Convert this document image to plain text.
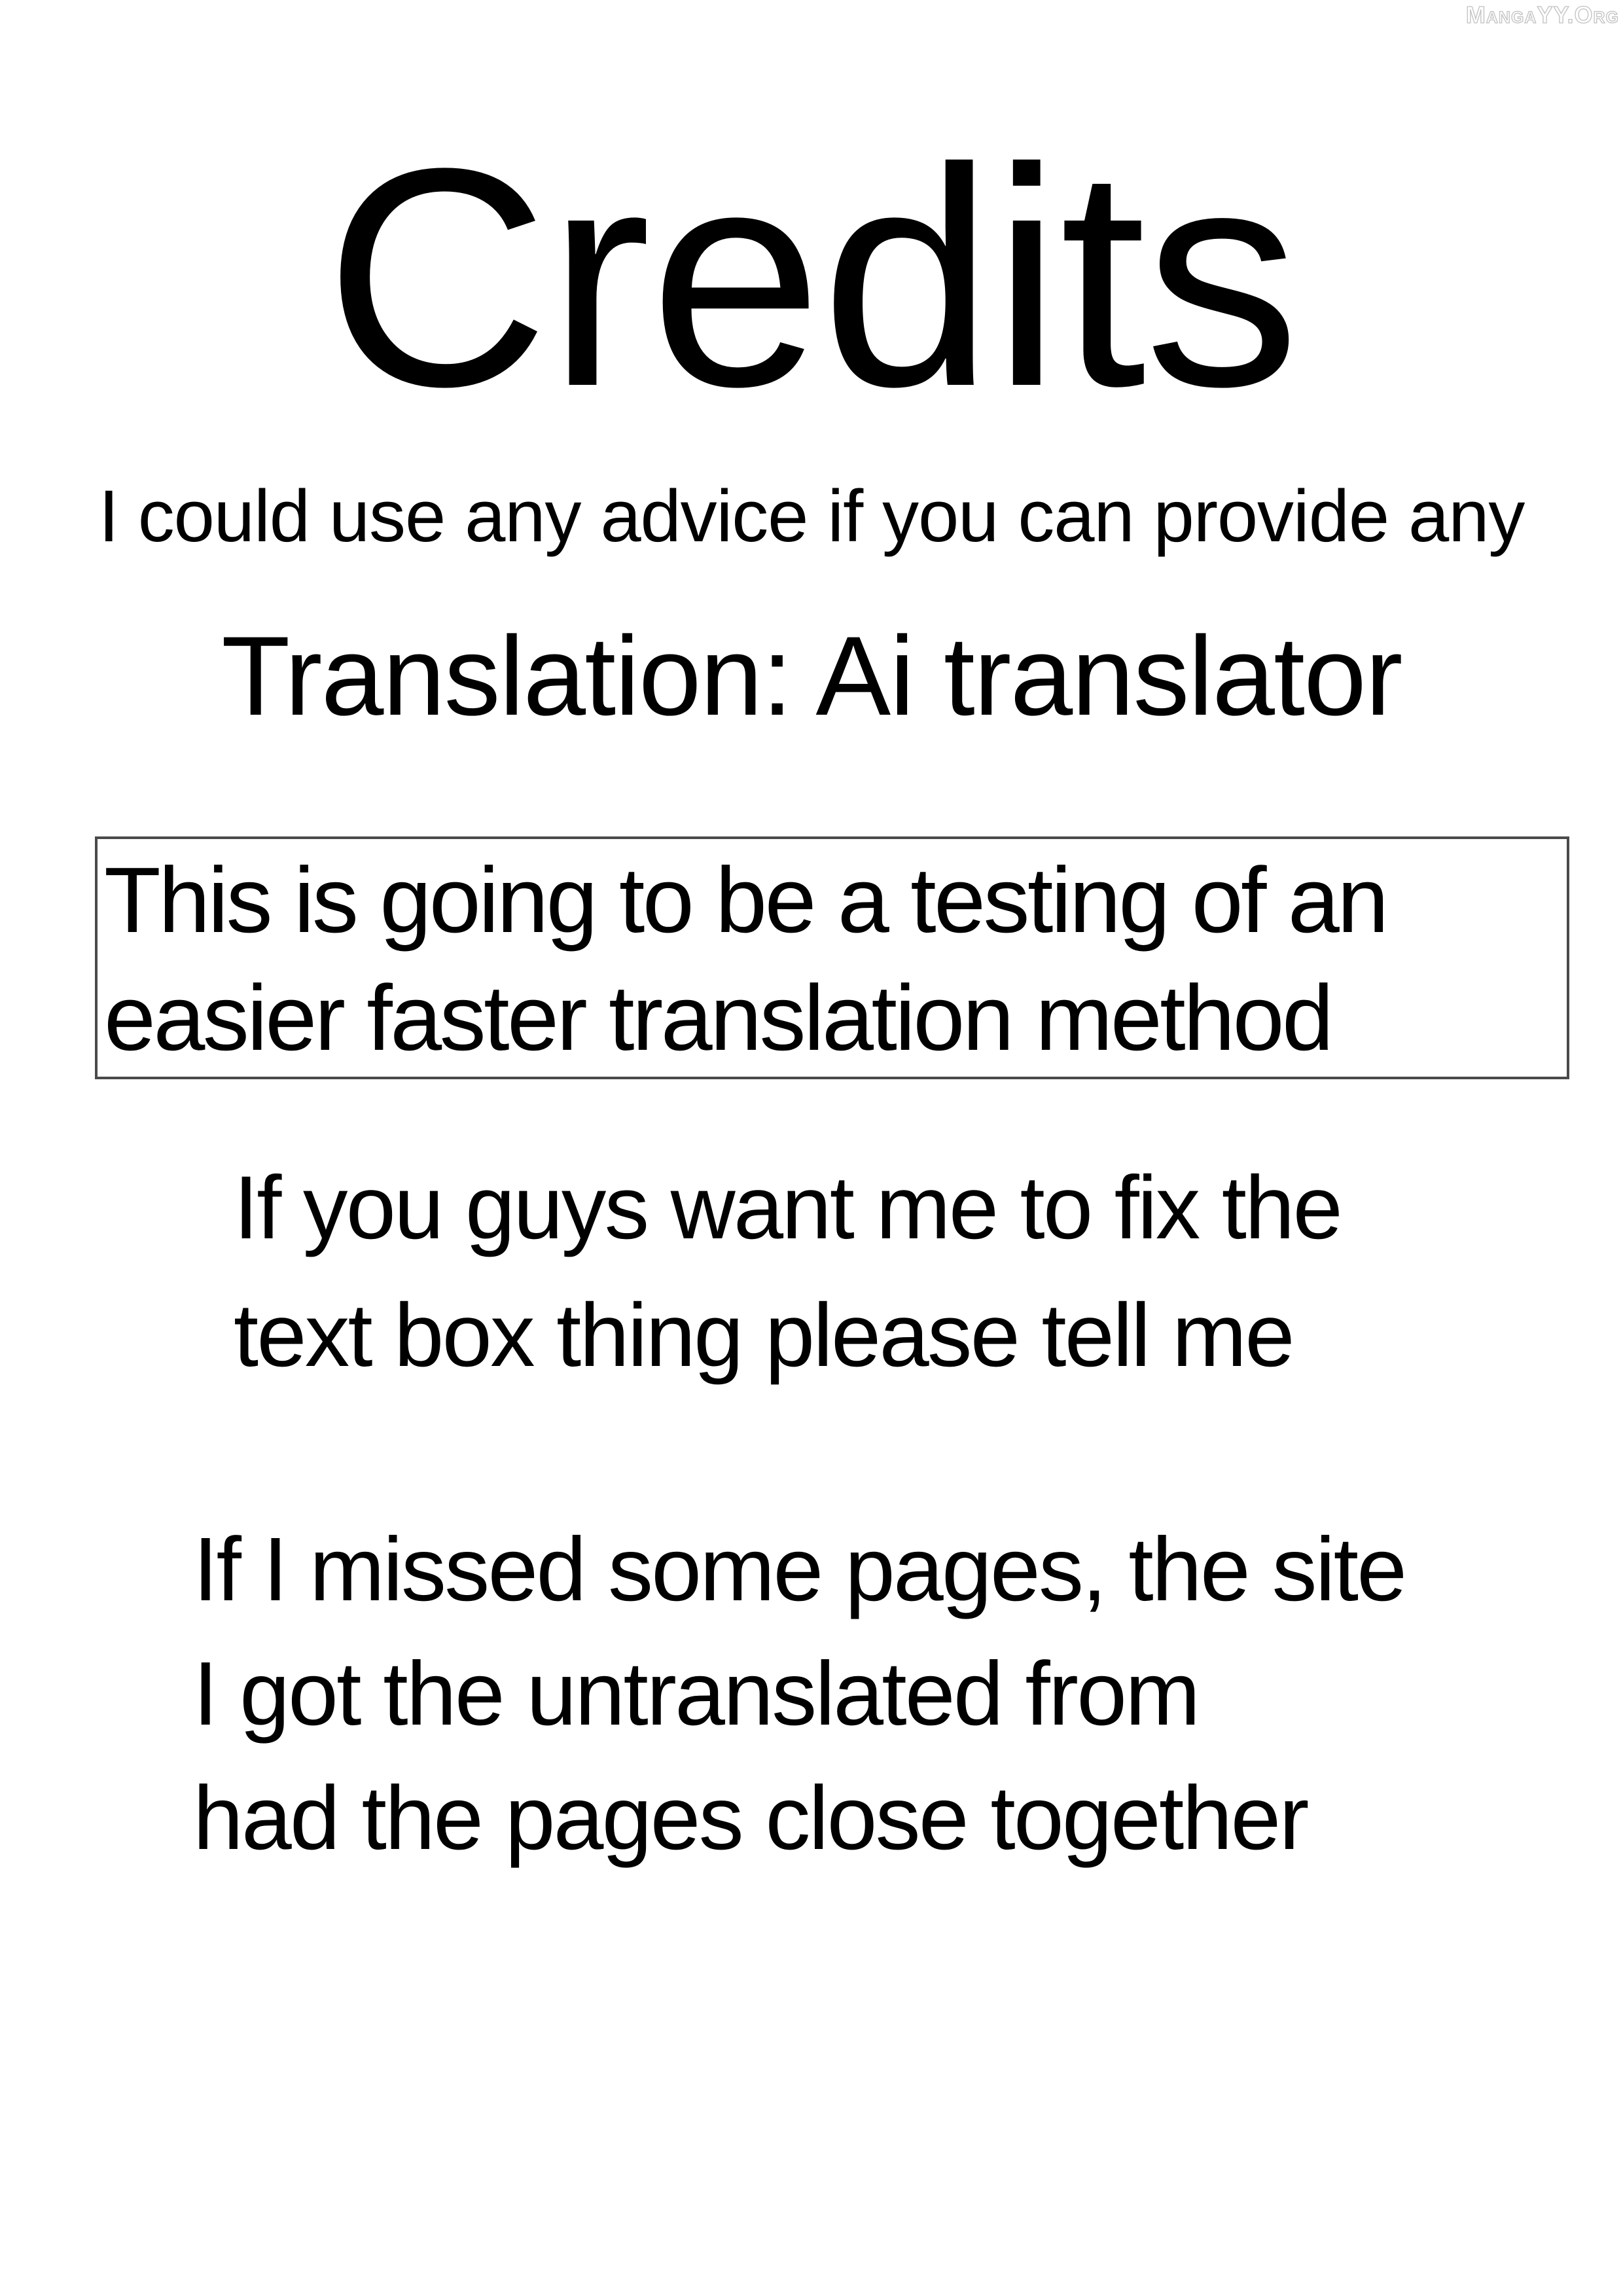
MangaYY.Org
Credits
I could use any advice if you can provide any
Translation: Ai translator
This is going to be a testing of an
easier faster translation method
If you guys want me to fix the
text box thing please tell me
If I missed some pages, the site
I got the untranslated from
had the pages close together
